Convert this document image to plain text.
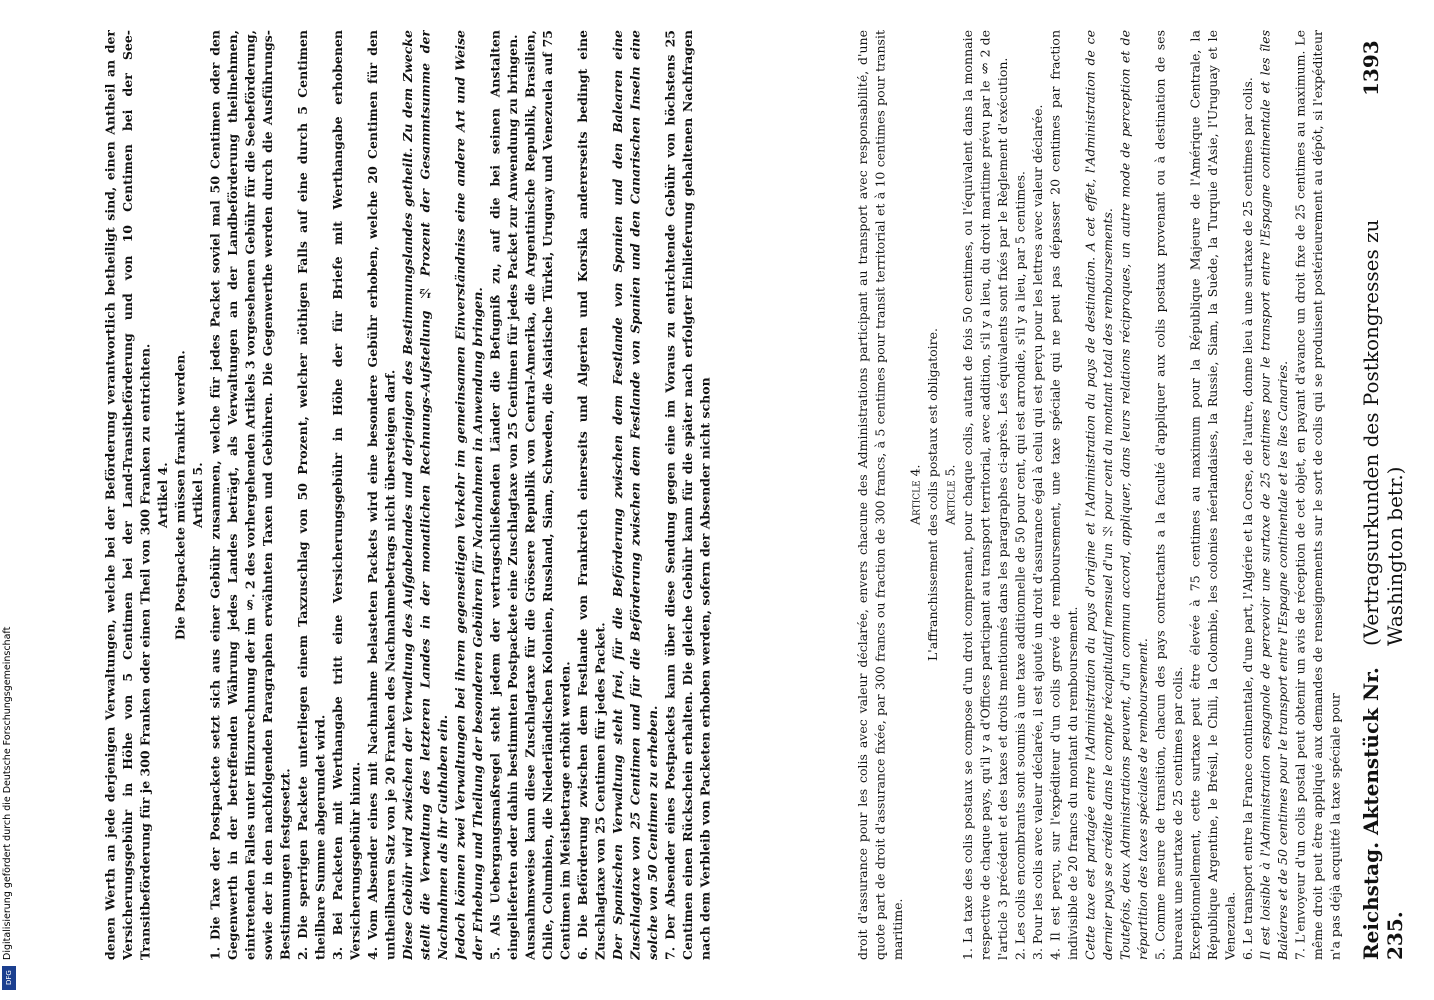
Reichstag. Aktenstück Nr. 235.
(Vertragsurkunden des Postkongresses zu Washington betr.)
1393

droit d'assurance pour les colis avec valeur déclarée, envers chacune des Administrations participant au transport avec responsabilité, d'une quote part de droit d'assurance fixée, par 300 francs ou fraction de 300 francs, à 5 centimes pour transit territorial et à 10 centimes pour transit maritime.

Article 4. L'affranchissement des colis postaux est obligatoire. Article 5. 1. La taxe des colis postaux se compose d'un droit comprenant, pour chaque colis, autant de fois 50 centimes, ou l'équivalent dans la monnaie respective de chaque pays, qu'il y a d'Offices participant au transport territorial, avec addition, s'il y a lieu, du droit maritime prévu par le § 2 de l'article 3 précédent et des taxes et droits mentionnés dans les paragraphes ci-après. Les équivalents sont fixés par le Règlement d'exécution. 2. Les colis encombrants sont soumis à une taxe additionnelle de 50 pour cent, qui est arrondie, s'il y a lieu, par 5 centimes. 3. Pour les colis avec valeur déclarée, il est ajouté un droit d'assurance égal à celui qui est perçu pour les lettres avec valeur déclarée. 4. Il est perçu, sur l'expéditeur d'un colis grevé de remboursement, une taxe spéciale qui ne peut pas dépasser 20 centimes par fraction indivisible de 20 francs du montant du remboursement. Cette taxe est partagée entre l'Administration du pays d'origine et l'Administration du pays de destination. A cet effet, l'Administration de ce dernier pays se crédite dans le compte récapitulatif mensuel d'un ½ pour cent du montant total des remboursements. Toutefois, deux Administrations peuvent, d'un commun accord, appliquer, dans leurs relations réciproques, un autre mode de perception et de répartition des taxes spéciales de remboursement. 5. Comme mesure de transition, chacun des pays contractants a la faculté d'appliquer aux colis postaux provenant ou à destination de ses bureaux une surtaxe de 25 centimes par colis. Exceptionnellement, cette surtaxe peut être élevée à 75 centimes au maximum pour la République Majeure de l'Amérique Centrale, la République Argentine, le Brésil, le Chili, la Colombie, les colonies néerlandaises, la Russie, Siam, la Suède, la Turquie d'Asie, l'Uruguay et le Venezuela. 6. Le transport entre la France continentale, d'une part, l'Algérie et la Corse, de l'autre, donne lieu à une surtaxe de 25 centimes par colis. Il est loisible à l'Administration espagnole de percevoir une surtaxe de 25 centimes pour le transport entre l'Espagne continentale et les îles Baléares et de 50 centimes pour le transport entre l'Espagne continentale et les îles Canaries. 7. L'envoyeur d'un colis postal peut obtenir un avis de réception de cet objet, en payant d'avance un droit fixe de 25 centimes au maximum. Le même droit peut être appliqué aux demandes de renseignements sur le sort de colis qui se produisent postérieurement au dépôt, si l'expéditeur n'a pas déjà acquitté la taxe spéciale pour

denen Werth an jede derjenigen Verwaltungen, welche bei der Beförderung verantwortlich betheiligt sind, einen Antheil an der Versicherungsgebühr in Höhe von 5 Centimen bei der Land-Transitbeförderung und von 10 Centimen bei der See-Transitbeförderung für je 300 Franken oder einen Theil von 300 Franken zu entrichten. Artikel 4. Die Postpackete müssen frankirt werden. Artikel 5. 1. Die Taxe der Postpackete setzt sich aus einer Gebühr zusammen, welche für jedes Packet soviel mal 50 Centimen oder den Gegenwerth in der betreffenden Währung jedes Landes beträgt, als Verwaltungen an der Landbeförderung theilnehmen, eintretenden Falles unter Hinzurechnung der im §. 2 des vorhergehenden Artikels 3 vorgesehenen Gebühr für die Seebeförderung, sowie der in den nachfolgenden Paragraphen erwähnten Taxen und Gebühren. Die Gegenwerthe werden durch die Ausführungs-Bestimmungen festgesetzt. 2. Die sperrigen Packete unterliegen einem Taxzuschlag von 50 Prozent, welcher nöthigen Falls auf eine durch 5 Centimen theilbare Summe abgerundet wird. 3. Bei Packeten mit Werthangabe tritt eine Versicherungsgebühr in Höhe der für Briefe mit Werthangabe erhobenen Versicherungsgebühr hinzu. 4. Vom Absender eines mit Nachnahme belasteten Packets wird eine besondere Gebühr erhoben, welche 20 Centimen für den untheilbaren Satz von je 20 Franken des Nachnahmebetrags nicht übersteigen darf. Diese Gebühr wird zwischen der Verwaltung des Aufgabelandes und derjenigen des Bestimmungslandes getheilt. Zu dem Zwecke stellt die Verwaltung des letzteren Landes in der monatlichen Rechnungs-Aufstellung ½ Prozent der Gesammtsumme der Nachnahmen als ihr Guthaben ein. Jedoch können zwei Verwaltungen bei ihrem gegenseitigen Verkehr im gemeinsamen Einverständniss eine andere Art und Weise der Erhebung und Theilung der besonderen Gebühren für Nachnahmen in Anwendung bringen. 5. Als Uebergangsmaßregel steht jedem der vertragschließenden Länder die Befugniß zu, auf die bei seinen Anstalten eingelieferten oder dahin bestimmten Postpackete eine Zuschlagtaxe von 25 Centimen für jedes Packet zur Anwendung zu bringen. Ausnahmsweise kann diese Zuschlagtaxe für die Grössere Republik von Central-Amerika, die Argentinische Republik, Brasilien, Chile, Columbien, die Niederländischen Kolonien, Russland, Siam, Schweden, die Asiatische Türkei, Uruguay und Venezuela auf 75 Centimen im Meistbetrage erhöht werden. 6. Die Beförderung zwischen dem Festlande von Frankreich einerseits und Algerien und Korsika andererseits bedingt eine Zuschlagtaxe von 25 Centimen für jedes Packet. Der Spanischen Verwaltung steht frei, für die Beförderung zwischen dem Festlande von Spanien und den Balearen eine Zuschlagtaxe von 25 Centimen und für die Beförderung zwischen dem Festlande von Spanien und den Canarischen Inseln eine solche von 50 Centimen zu erheben. 7. Der Absender eines Postpackets kann über diese Sendung gegen eine im Voraus zu entrichtende Gebühr von höchstens 25 Centimen einen Rückschein erhalten. Die gleiche Gebühr kann für die später nach erfolgter Einlieferung gehaltenen Nachfragen nach dem Verbleib von Packeten erhoben werden, sofern der Absender nicht schon

Digitalisierung gefördert durch die Deutsche Forschungsgemeinschaft
DFG
